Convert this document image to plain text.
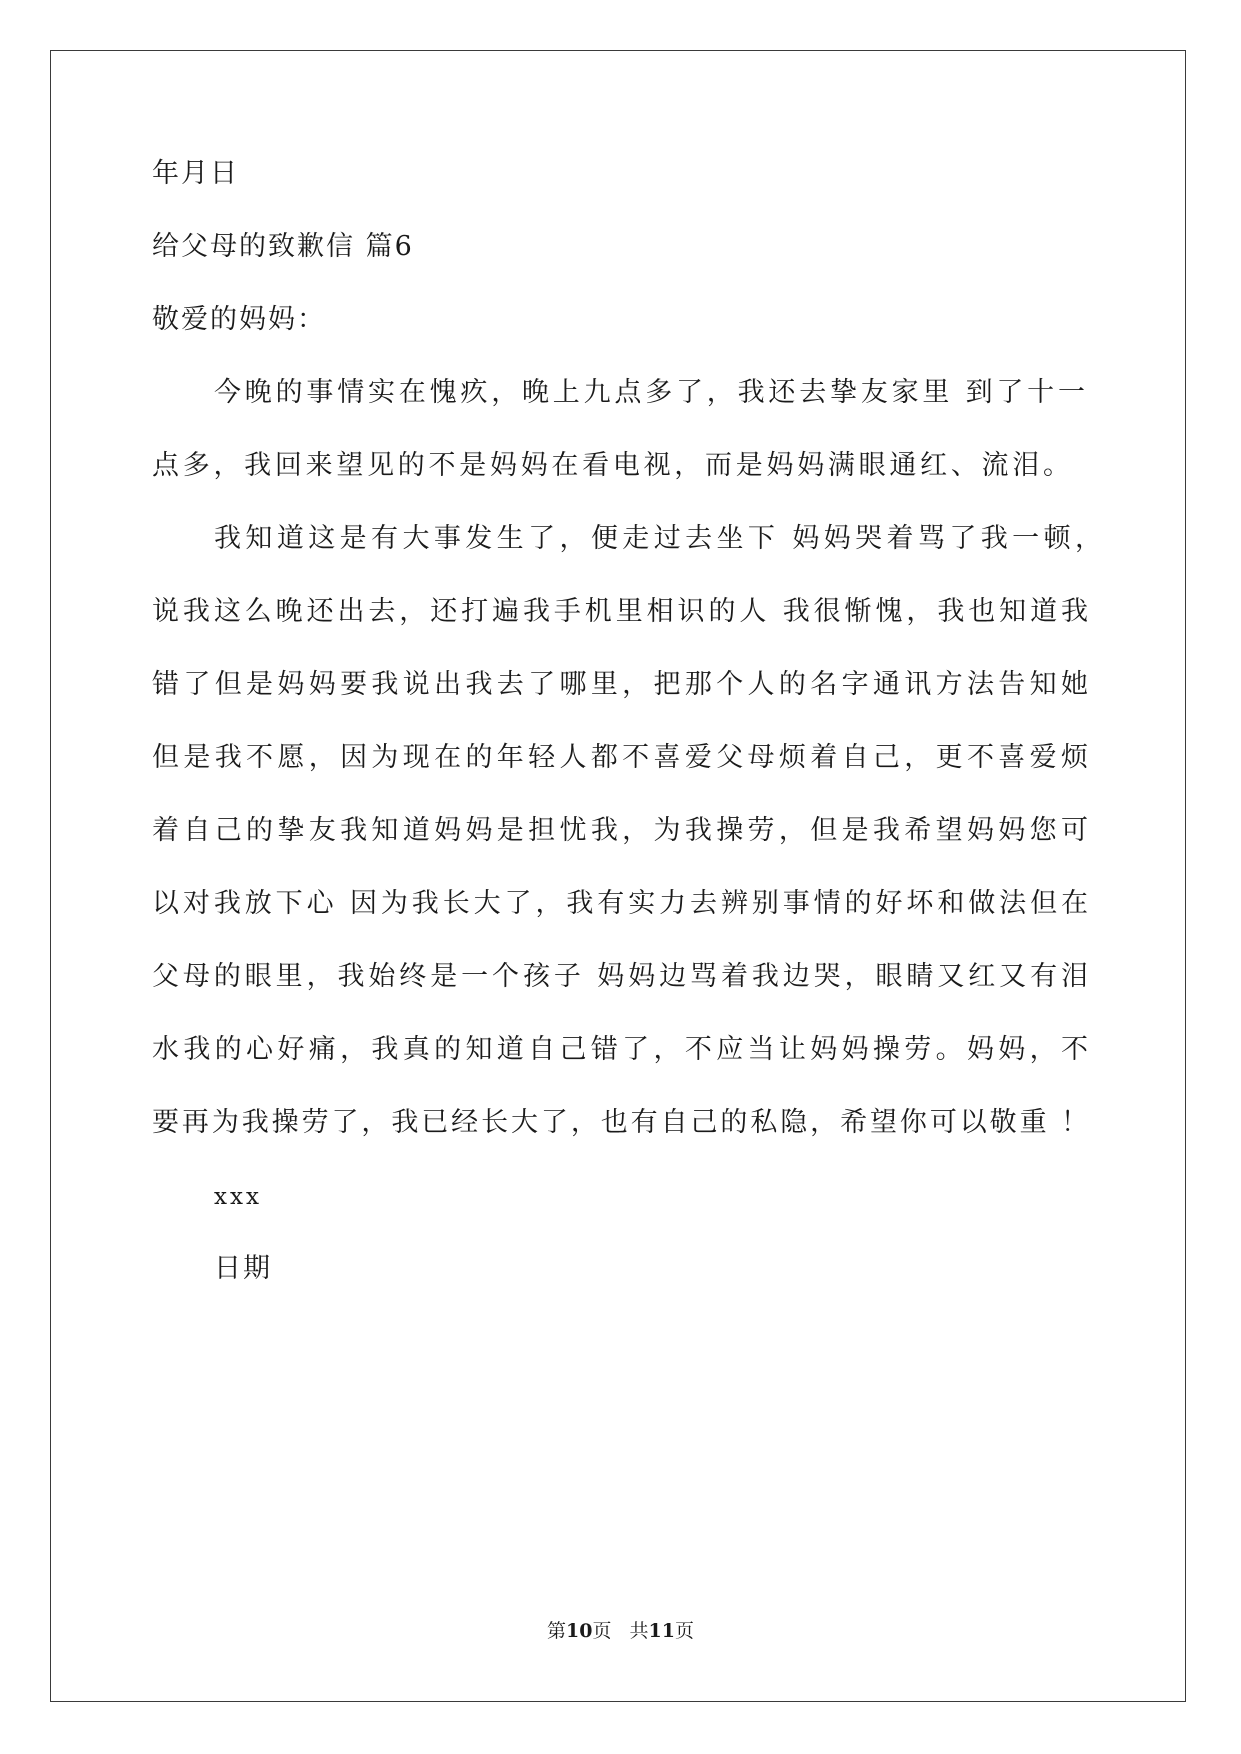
年月日
给父母的致歉信 篇6
敬爱的妈妈：
今晚的事情实在愧疚，晚上九点多了，我还去挚友家里 到了十一
点多，我回来望见的不是妈妈在看电视，而是妈妈满眼通红、流泪。
我知道这是有大事发生了，便走过去坐下 妈妈哭着骂了我一顿，
说我这么晚还出去，还打遍我手机里相识的人 我很惭愧，我也知道我
错了但是妈妈要我说出我去了哪里，把那个人的名字通讯方法告知她
但是我不愿，因为现在的年轻人都不喜爱父母烦着自己，更不喜爱烦
着自己的挚友我知道妈妈是担忧我，为我操劳，但是我希望妈妈您可
以对我放下心 因为我长大了，我有实力去辨别事情的好坏和做法但在
父母的眼里，我始终是一个孩子 妈妈边骂着我边哭，眼睛又红又有泪
水我的心好痛，我真的知道自己错了，不应当让妈妈操劳。妈妈，不
要再为我操劳了，我已经长大了，也有自己的私隐，希望你可以敬重 ！
xxx
日期
第10页 共11页
